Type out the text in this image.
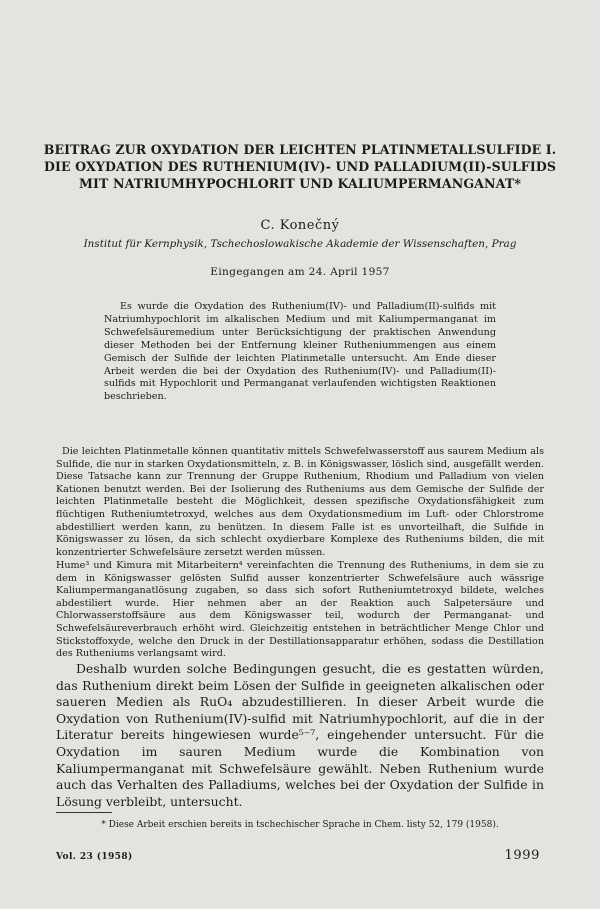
BEITRAG ZUR OXYDATION DER LEICHTEN PLATINMETALLSULFIDE I.
DIE OXYDATION DES RUTHENIUM(IV)- UND PALLADIUM(II)-SULFIDS
MIT NATRIUMHYPOCHLORIT UND KALIUMPERMANGANAT*
C. Konečný
Institut für Kernphysik, Tschechoslowakische Akademie der Wissenschaften, Prag
Eingegangen am 24. April 1957

Es wurde die Oxydation des Ruthenium(IV)- und Palladium(II)-sulfids mit Natriumhypochlorit im alkalischen Medium und mit Kaliumpermanganat im Schwefelsäuremedium unter Berücksichtigung der praktischen Anwendung dieser Methoden bei der Entfernung kleiner Rutheniummengen aus einem Gemisch der Sulfide der leichten Platinmetalle untersucht. Am Ende dieser Arbeit werden die bei der Oxydation des Ruthenium(IV)- und Palladium(II)-sulfids mit Hypochlorit und Permanganat verlaufenden wichtigsten Reaktionen beschrieben.

Die leichten Platinmetalle können quantitativ mittels Schwefelwasserstoff aus saurem Medium als Sulfide, die nur in starken Oxydationsmitteln, z. B. in Königswasser, löslich sind, ausgefällt werden. Diese Tatsache kann zur Trennung der Gruppe Ruthenium, Rhodium und Palladium von vielen Kationen benutzt werden. Bei der Isolierung des Rutheniums aus dem Gemische der Sulfide der leichten Platinmetalle besteht die Möglichkeit, dessen spezifische Oxydationsfähigkeit zum flüchtigen Rutheniumtetroxyd, welches aus dem Oxydationsmedium im Luft- oder Chlorstrome abdestilliert werden kann, zu benützen. In diesem Falle ist es unvorteilhaft, die Sulfide in Königswasser zu lösen, da sich schlecht oxydierbare Komplexe des Rutheniums bilden, die mit konzentrierter Schwefelsäure zersetzt werden müssen.

Hume³ und Kimura mit Mitarbeitern⁴ vereinfachten die Trennung des Rutheniums, in dem sie zu dem in Königswasser gelösten Sulfid ausser konzentrierter Schwefelsäure auch wässrige Kaliumpermanganatlösung zugaben, so dass sich sofort Rutheniumtetroxyd bildete, welches abdestiliert wurde. Hier nehmen aber an der Reaktion auch Salpetersäure und Chlorwasserstoffsäure aus dem Königswasser teil, wodurch der Permanganat- und Schwefelsäureverbrauch erhöht wird. Gleichzeitig entstehen in beträchtlicher Menge Chlor und Stickstoffoxyde, welche den Druck in der Destillationsapparatur erhöhen, sodass die Destillation des Rutheniums verlangsamt wird.

Deshalb wurden solche Bedingungen gesucht, die es gestatten würden, das Ruthenium direkt beim Lösen der Sulfide in geeigneten alkalischen oder saueren Medien als RuO₄ abzudestillieren. In dieser Arbeit wurde die Oxydation von Ruthenium(IV)-sulfid mit Natriumhypochlorit, auf die in der Literatur bereits hingewiesen wurde⁵⁻⁷, eingehender untersucht. Für die Oxydation im sauren Medium wurde die Kombination von Kaliumpermanganat mit Schwefelsäure gewählt. Neben Ruthenium wurde auch das Verhalten des Palladiums, welches bei der Oxydation der Sulfide in Lösung verbleibt, untersucht.

* Diese Arbeit erschien bereits in tschechischer Sprache in Chem. listy 52, 179 (1958).
Vol. 23 (1958)	1999
